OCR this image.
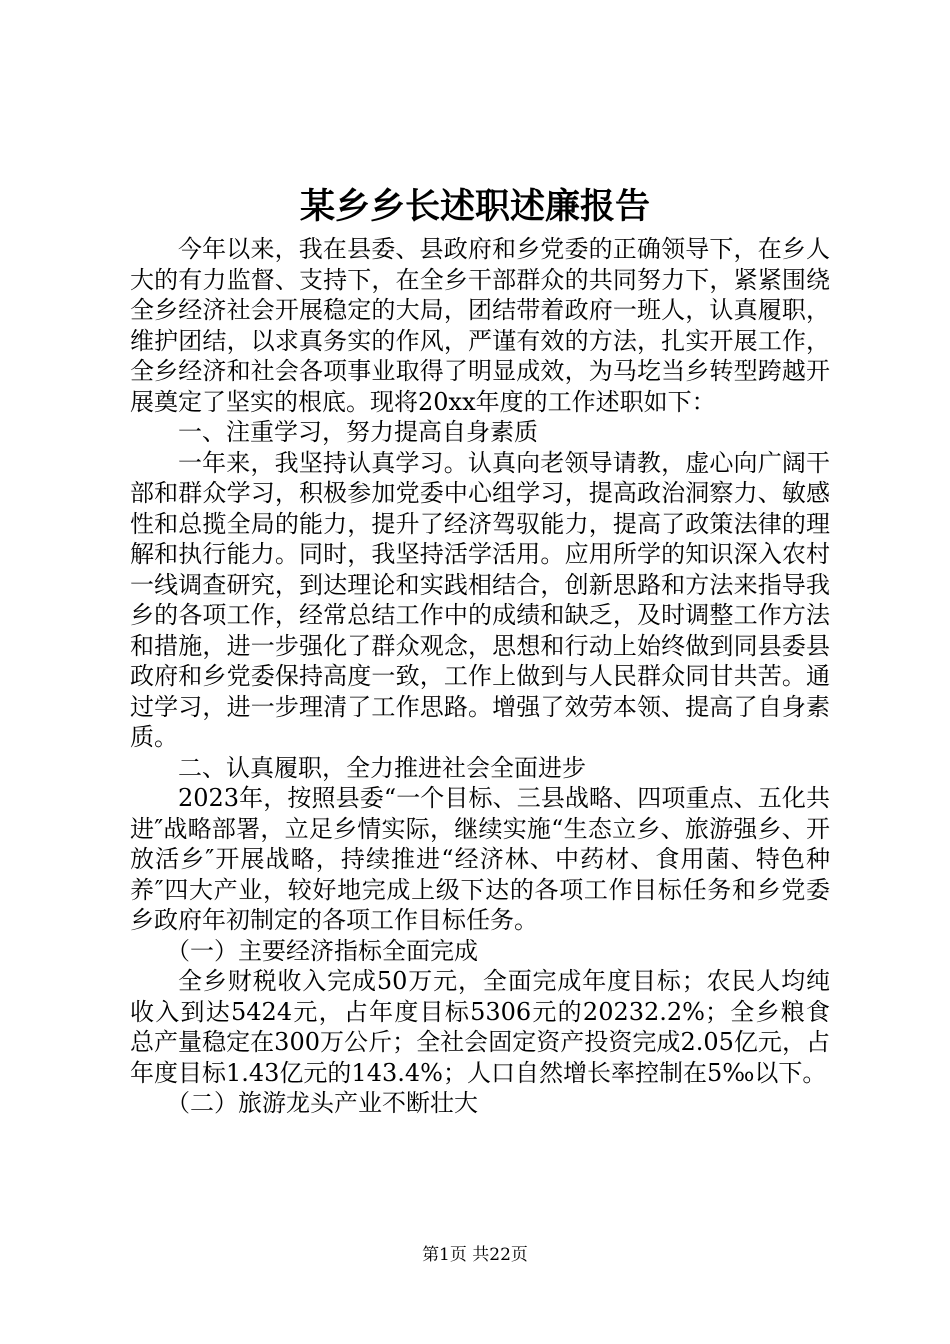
某乡乡长述职述廉报告

今年以来，我在县委、县政府和乡党委的正确领导下，在乡人大的有力监督、支持下，在全乡干部群众的共同努力下，紧紧围绕全乡经济社会开展稳定的大局，团结带着政府一班人，认真履职，维护团结，以求真务实的作风，严谨有效的方法，扎实开展工作，全乡经济和社会各项事业取得了明显成效，为马圪当乡转型跨越开展奠定了坚实的根底。现将20xx年度的工作述职如下：

一、注重学习，努力提高自身素质

一年来，我坚持认真学习。认真向老领导请教，虚心向广阔干部和群众学习，积极参加党委中心组学习，提高政治洞察力、敏感性和总揽全局的能力，提升了经济驾驭能力，提高了政策法律的理解和执行能力。同时，我坚持活学活用。应用所学的知识深入农村一线调查研究，到达理论和实践相结合，创新思路和方法来指导我乡的各项工作，经常总结工作中的成绩和缺乏，及时调整工作方法和措施，进一步强化了群众观念，思想和行动上始终做到同县委县政府和乡党委保持高度一致，工作上做到与人民群众同甘共苦。通过学习，进一步理清了工作思路。增强了效劳本领、提高了自身素质。

二、认真履职，全力推进社会全面进步

2023年，按照县委“一个目标、三县战略、四项重点、五化共进″战略部署，立足乡情实际，继续实施“生态立乡、旅游强乡、开放活乡″开展战略，持续推进“经济林、中药材、食用菌、特色种养″四大产业，较好地完成上级下达的各项工作目标任务和乡党委乡政府年初制定的各项工作目标任务。

（一）主要经济指标全面完成

全乡财税收入完成50万元，全面完成年度目标；农民人均纯收入到达5424元，占年度目标5306元的20232.2%；全乡粮食总产量稳定在300万公斤；全社会固定资产投资完成2.05亿元，占年度目标1.43亿元的143.4%；人口自然增长率控制在5‰以下。

（二）旅游龙头产业不断壮大

第1页 共22页
